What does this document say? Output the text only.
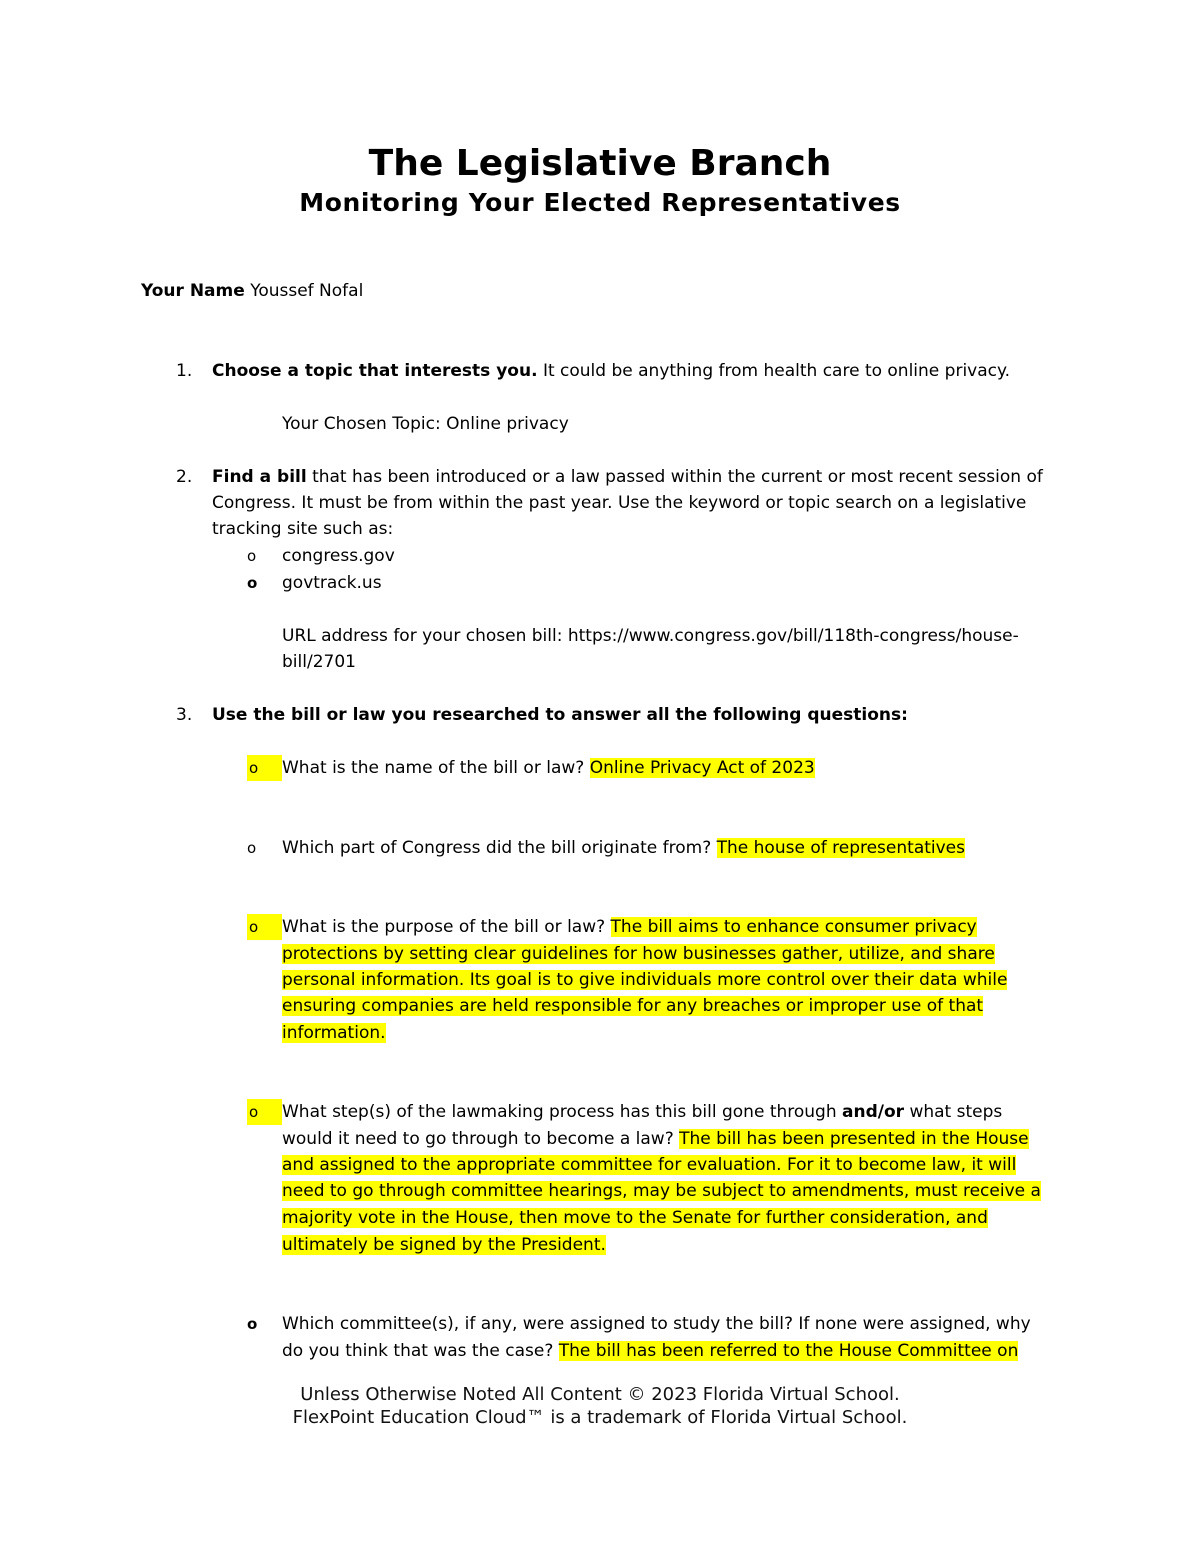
The Legislative Branch
Monitoring Your Elected Representatives
Your Name Youssef Nofal
1. Choose a topic that interests you. It could be anything from health care to online privacy.
Your Chosen Topic: Online privacy
2. Find a bill that has been introduced or a law passed within the current or most recent session of
Congress. It must be from within the past year. Use the keyword or topic search on a legislative
tracking site such as:
o congress.gov
o govtrack.us
URL address for your chosen bill: https://www.congress.gov/bill/118th-congress/house-
bill/2701
3. Use the bill or law you researched to answer all the following questions:
o	What is the name of the bill or law? Online Privacy Act of 2023
o Which part of Congress did the bill originate from? The house of representatives
o	What is the purpose of the bill or law? The bill aims to enhance consumer privacy
protections by setting clear guidelines for how businesses gather, utilize, and share
personal information. Its goal is to give individuals more control over their data while
ensuring companies are held responsible for any breaches or improper use of that
information.
o	What step(s) of the lawmaking process has this bill gone through and/or what steps
would it need to go through to become a law? The bill has been presented in the House
and assigned to the appropriate committee for evaluation. For it to become law, it will
need to go through committee hearings, may be subject to amendments, must receive a
majority vote in the House, then move to the Senate for further consideration, and
ultimately be signed by the President.
o Which committee(s), if any, were assigned to study the bill? If none were assigned, why
do you think that was the case? The bill has been referred to the House Committee on
Unless Otherwise Noted All Content © 2023 Florida Virtual School.
FlexPoint Education Cloud™ is a trademark of Florida Virtual School.
